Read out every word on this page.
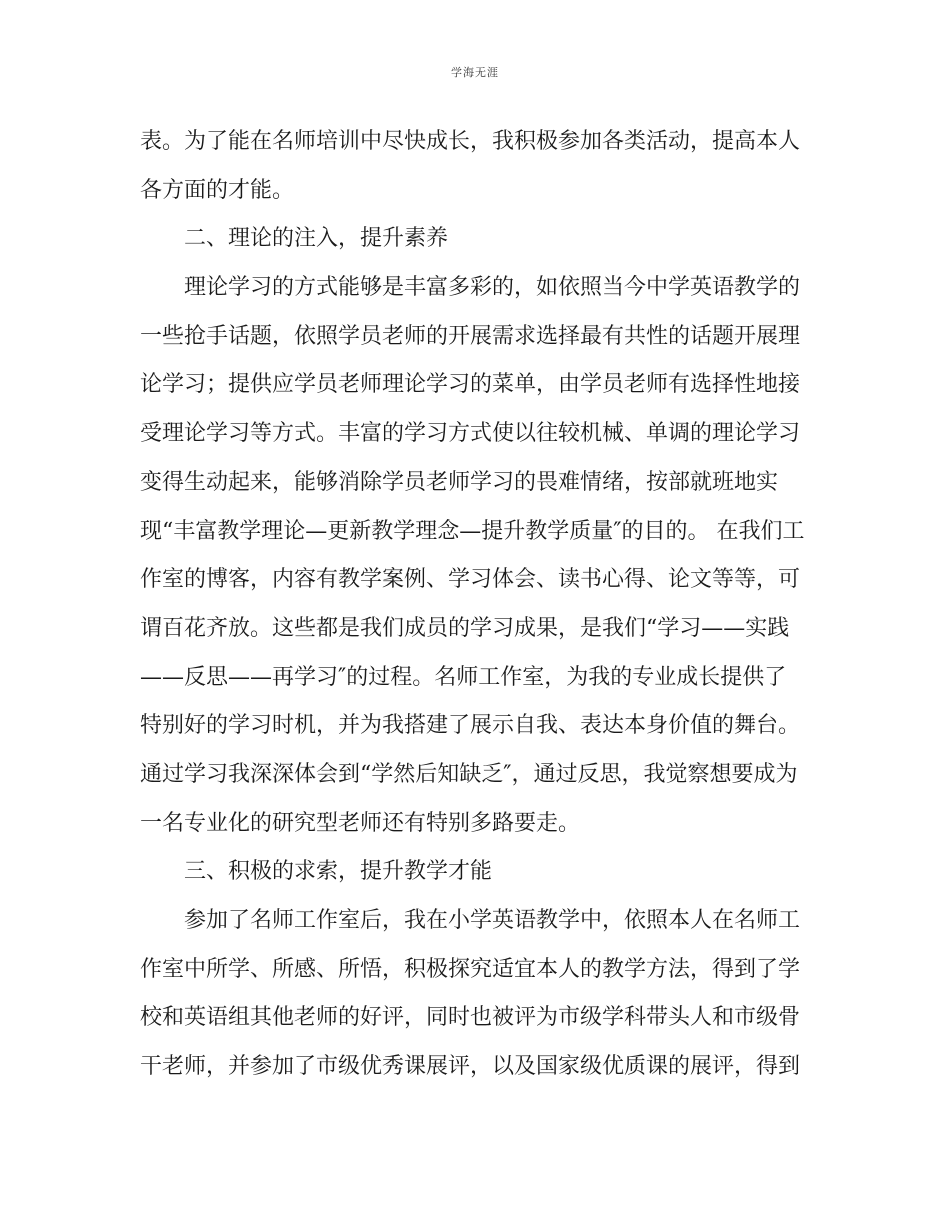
学海无涯
表。为了能在名师培训中尽快成长，我积极参加各类活动，提高本人
各方面的才能。
二、理论的注入，提升素养
理论学习的方式能够是丰富多彩的，如依照当今中学英语教学的
一些抢手话题，依照学员老师的开展需求选择最有共性的话题开展理
论学习；提供应学员老师理论学习的菜单，由学员老师有选择性地接
受理论学习等方式。丰富的学习方式使以往较机械、单调的理论学习
变得生动起来，能够消除学员老师学习的畏难情绪，按部就班地实
现“丰富教学理论—更新教学理念—提升教学质量″的目的。 在我们工
作室的博客，内容有教学案例、学习体会、读书心得、论文等等，可
谓百花齐放。这些都是我们成员的学习成果，是我们“学习——实践
——反思——再学习″的过程。名师工作室，为我的专业成长提供了
特别好的学习时机，并为我搭建了展示自我、表达本身价值的舞台。
通过学习我深深体会到“学然后知缺乏″，通过反思，我觉察想要成为
一名专业化的研究型老师还有特别多路要走。
三、积极的求索，提升教学才能
参加了名师工作室后，我在小学英语教学中，依照本人在名师工
作室中所学、所感、所悟，积极探究适宜本人的教学方法，得到了学
校和英语组其他老师的好评，同时也被评为市级学科带头人和市级骨
干老师，并参加了市级优秀课展评，以及国家级优质课的展评，得到
